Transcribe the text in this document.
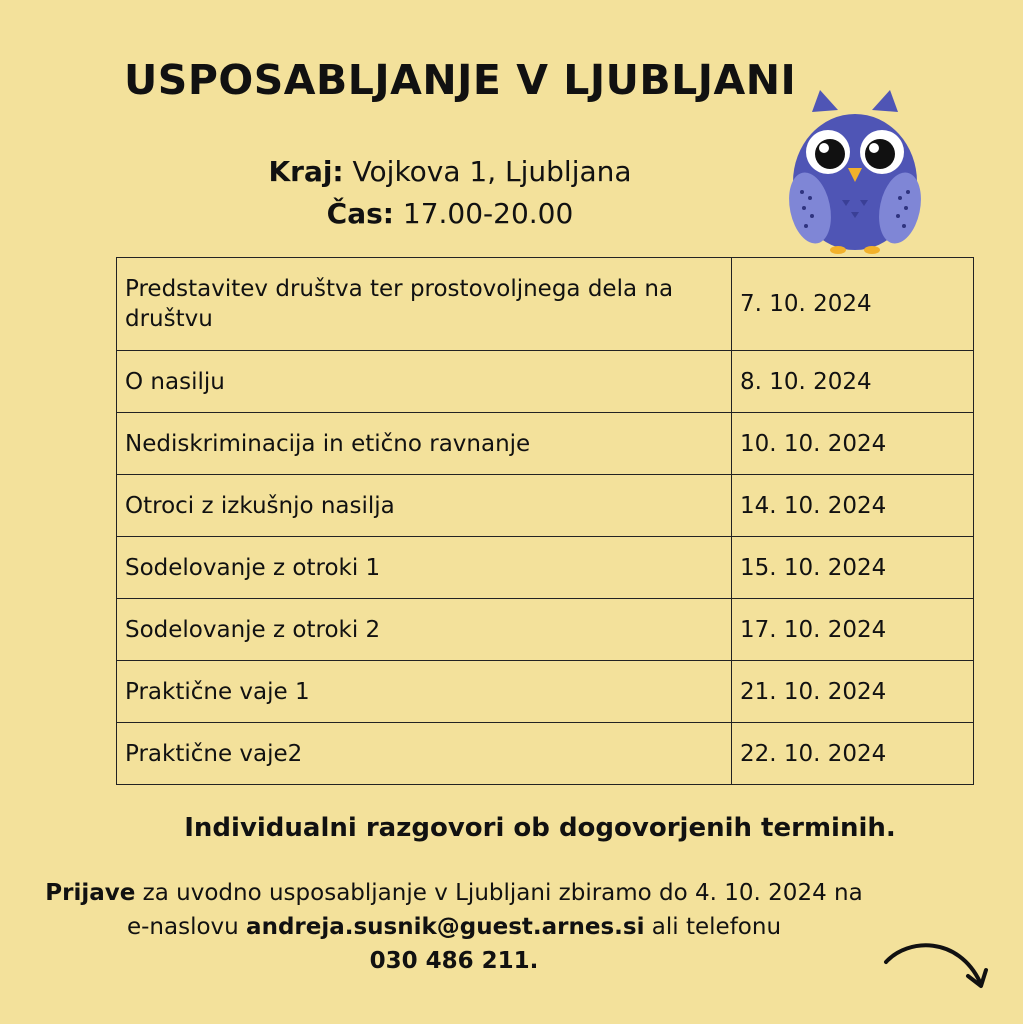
USPOSABLJANJE V LJUBLJANI
Kraj: Vojkova 1, Ljubljana
Čas: 17.00-20.00
Predstavitev društva ter prostovoljnega dela na društvu	7. 10. 2024
O nasilju	8. 10. 2024
Nediskriminacija in etično ravnanje	10. 10. 2024
Otroci z izkušnjo nasilja	14. 10. 2024
Sodelovanje z otroki 1	15. 10. 2024
Sodelovanje z otroki 2	17. 10. 2024
Praktične vaje 1	21. 10. 2024
Praktične vaje2	22. 10. 2024
Individualni razgovori ob dogovorjenih terminih.
Prijave za uvodno usposabljanje v Ljubljani zbiramo do 4. 10. 2024 na e-naslovu andreja.susnik@guest.arnes.si ali telefonu
030 486 211.
